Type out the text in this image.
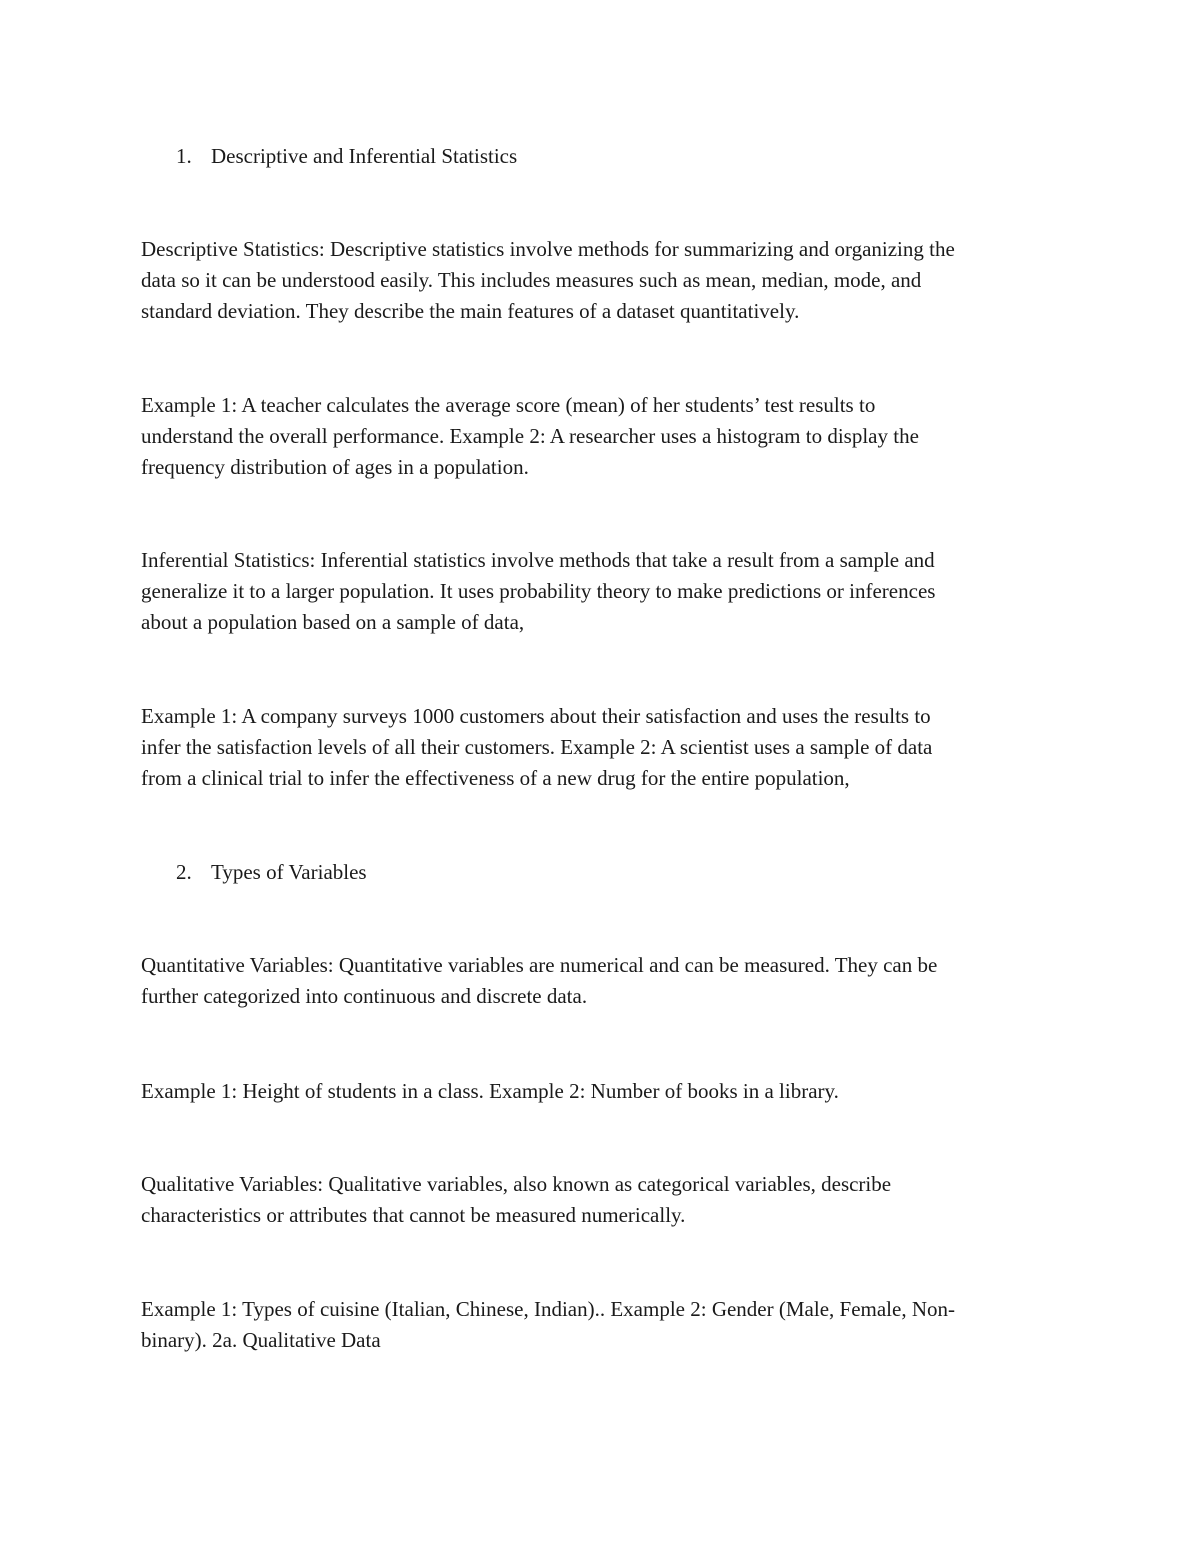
1. Descriptive and Inferential Statistics

Descriptive Statistics: Descriptive statistics involve methods for summarizing and organizing the
data so it can be understood easily. This includes measures such as mean, median, mode, and
standard deviation. They describe the main features of a dataset quantitatively.

Example 1: A teacher calculates the average score (mean) of her students’ test results to
understand the overall performance. Example 2: A researcher uses a histogram to display the
frequency distribution of ages in a population.

Inferential Statistics: Inferential statistics involve methods that take a result from a sample and
generalize it to a larger population. It uses probability theory to make predictions or inferences
about a population based on a sample of data,

Example 1: A company surveys 1000 customers about their satisfaction and uses the results to
infer the satisfaction levels of all their customers. Example 2: A scientist uses a sample of data
from a clinical trial to infer the effectiveness of a new drug for the entire population,

2. Types of Variables

Quantitative Variables: Quantitative variables are numerical and can be measured. They can be
further categorized into continuous and discrete data.

Example 1: Height of students in a class. Example 2: Number of books in a library.

Qualitative Variables: Qualitative variables, also known as categorical variables, describe
characteristics or attributes that cannot be measured numerically.

Example 1: Types of cuisine (Italian, Chinese, Indian).. Example 2: Gender (Male, Female, Non-
binary). 2a. Qualitative Data
